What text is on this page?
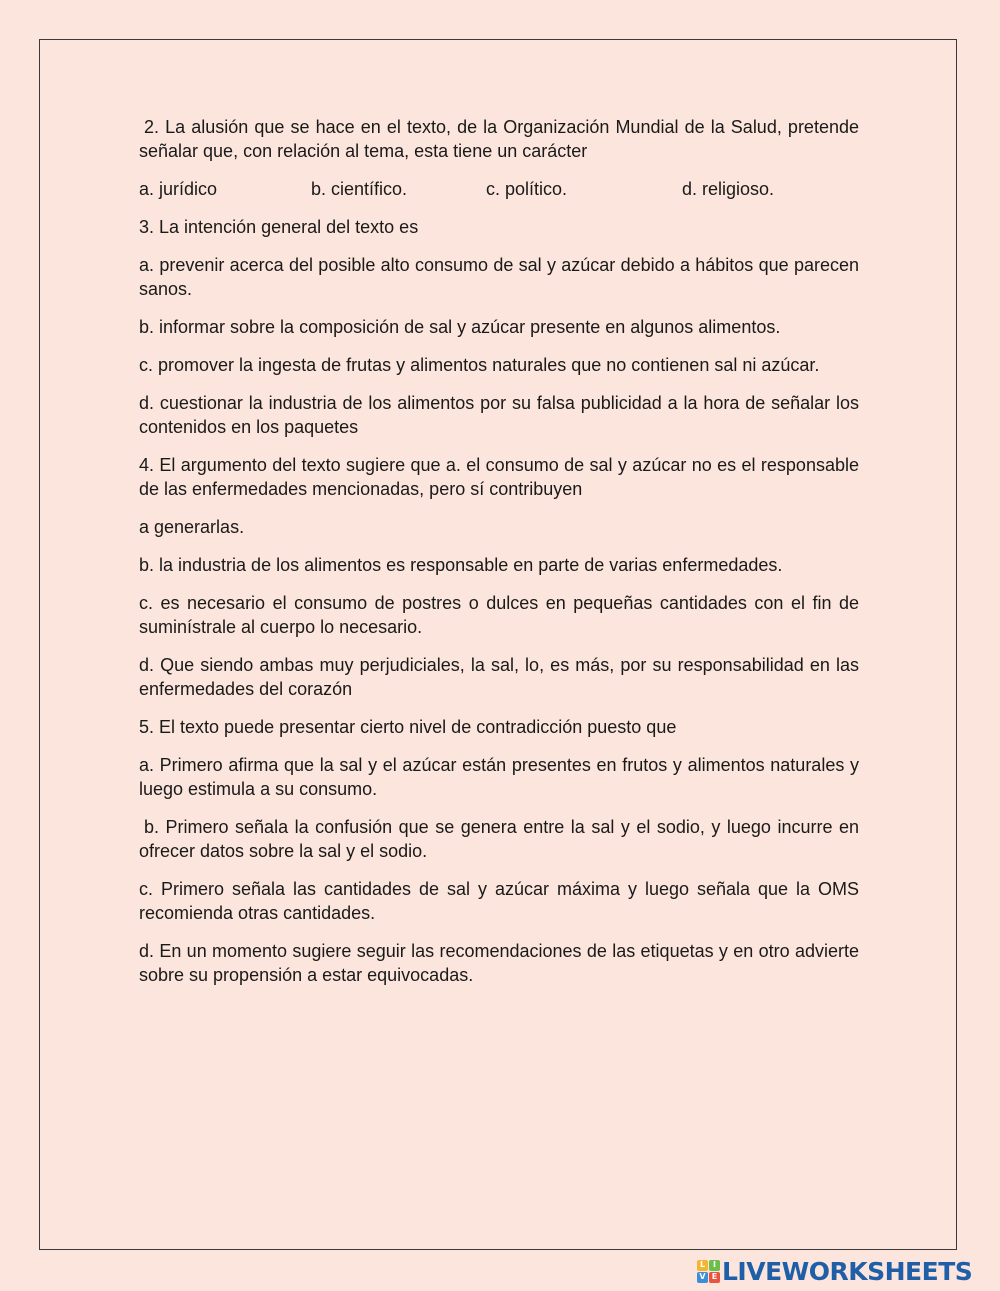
2. La alusión que se hace en el texto, de la Organización Mundial de la Salud, pretende señalar que, con relación al tema, esta tiene un carácter

a. jurídico	b. científico.	c. político.	d. religioso.

3. La intención general del texto es

a. prevenir acerca del posible alto consumo de sal y azúcar debido a hábitos que parecen sanos.

b. informar sobre la composición de sal y azúcar presente en algunos alimentos.

c. promover la ingesta de frutas y alimentos naturales que no contienen sal ni azúcar.

d. cuestionar la industria de los alimentos por su falsa publicidad a la hora de señalar los contenidos en los paquetes

4. El argumento del texto sugiere que a. el consumo de sal y azúcar no es el responsable de las enfermedades mencionadas, pero sí contribuyen

a generarlas.

b. la industria de los alimentos es responsable en parte de varias enfermedades.

c. es necesario el consumo de postres o dulces en pequeñas cantidades con el fin de suminístrale al cuerpo lo necesario.

d. Que siendo ambas muy perjudiciales, la sal, lo, es más, por su responsabilidad en las enfermedades del corazón

5. El texto puede presentar cierto nivel de contradicción puesto que

a. Primero afirma que la sal y el azúcar están presentes en frutos y alimentos naturales y luego estimula a su consumo.

b. Primero señala la confusión que se genera entre la sal y el sodio, y luego incurre en ofrecer datos sobre la sal y el sodio.

c. Primero señala las cantidades de sal y azúcar máxima y luego señala que la OMS recomienda otras cantidades.

d. En un momento sugiere seguir las recomendaciones de las etiquetas y en otro advierte sobre su propensión a estar equivocadas.

L I
V E LIVEWORKSHEETS
